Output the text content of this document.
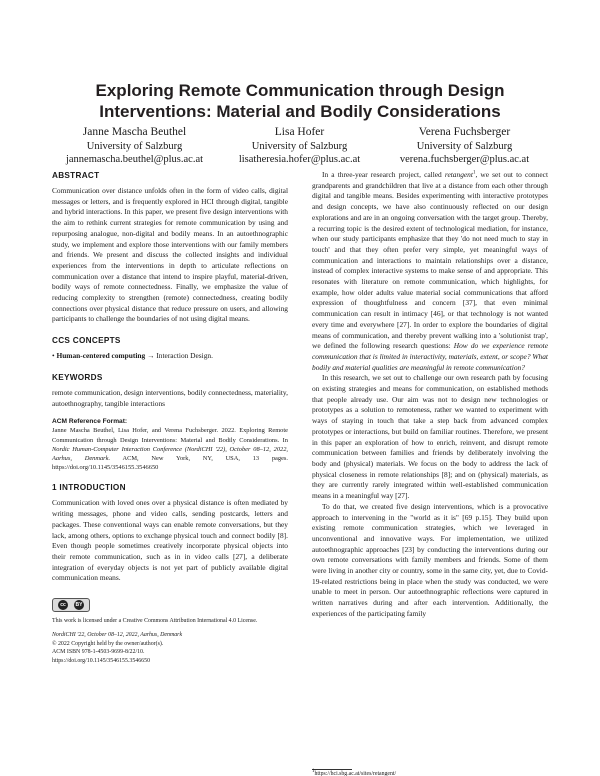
Exploring Remote Communication through Design
Interventions: Material and Bodily Considerations
Janne Mascha Beuthel
University of Salzburg
jannemascha.beuthel@plus.ac.at
Lisa Hofer
University of Salzburg
lisatheresia.hofer@plus.ac.at
Verena Fuchsberger
University of Salzburg
verena.fuchsberger@plus.ac.at
ABSTRACT
Communication over distance unfolds often in the form of video calls, digital messages or letters, and is frequently explored in HCI through digital, tangible and hybrid interactions. In this paper, we present five design interventions with the aim to rethink current strategies for remote communication by using and repurposing analogue, non-digital and bodily means. In an autoethnographic study, we implement and explore those interventions with our family members and friends. We present and discuss the collected insights and individual experiences from the interventions in depth to articulate reflections on communication over a distance that intend to inspire playful, material-driven, bodily ways of remote connectedness. Finally, we emphasize the value of reducing complexity to strengthen (remote) connectedness, creating bodily connections over physical distance that reduce pressure on users, and allowing participants to challenge the boundaries of not using digital means.
CCS CONCEPTS
• Human-centered computing → Interaction Design.
KEYWORDS
remote communication, design interventions, bodily connectedness, materiality, autoethnography, tangible interactions
ACM Reference Format:
Janne Mascha Beuthel, Lisa Hofer, and Verena Fuchsberger. 2022. Exploring Remote Communication through Design Interventions: Material and Bodily Considerations. In Nordic Human-Computer Interaction Conference (NordiCHI '22), October 08–12, 2022, Aarhus, Denmark. ACM, New York, NY, USA, 13 pages. https://doi.org/10.1145/3546155.3546650
1 INTRODUCTION
Communication with loved ones over a physical distance is often mediated by writing messages, phone and video calls, sending postcards, letters and packages. These conventional ways can enable remote conversations, but they lack, among others, options to exchange physical touch and connect bodily [8]. Even though people sometimes creatively incorporate physical objects into their remote communication, such as in in video calls [27], a deliberate integration of everyday objects is not yet part of publicly available digital communication means.
cc	BY
This work is licensed under a Creative Commons Attribution International 4.0 License.
NordiCHI '22, October 08–12, 2022, Aarhus, Denmark
© 2022 Copyright held by the owner/author(s).
ACM ISBN 978-1-4503-9699-8/22/10.
https://doi.org/10.1145/3546155.3546650
In a three-year research project, called retangent$^1$, we set out to connect grandparents and grandchildren that live at a distance from each other through digital and tangible means. Besides experimenting with interactive prototypes and design concepts, we have also continuously reflected on our design explorations and are in an ongoing conversation with the target group. Thereby, a recurring topic is the desired extent of technological mediation, for instance, when our study participants emphasize that they 'do not need much to stay in touch' and that they often prefer very simple, yet meaningful ways of communication and interactions to maintain relationships over a distance, instead of complex interactive systems to make sense of and appropriate. This resonates with literature on remote communication, which highlights, for example, how older adults value material social communications that afford expression of thoughtfulness and concern [37], that even minimal communication can result in intimacy [46], or that technology is not wanted every time and everywhere [27]. In order to explore the boundaries of digital means of communication, and thereby prevent walking into a 'solutionist trap', we defined the following research questions: How do we experience remote communication that is limited in interactivity, materials, extent, or scope? What bodily and material qualities are meaningful in remote communication?
In this research, we set out to challenge our own research path by focusing on existing strategies and means for communication, on established methods that people already use. Our aim was not to design new technologies or prototypes as a solution to remoteness, rather we wanted to experiment with ways of staying in touch that take a step back from advanced complex prototypes or interactions, but build on familiar routines. Therefore, we present in this paper an exploration of how to enrich, reinvent, and disrupt remote communication between families and friends by deliberately involving the body and (physical) materials. We focus on the body to address the lack of physical closeness in remote relationships [8]; and on (physical) materials, as they are currently rarely integrated within well-established communication means in a meaningful way [27].
To do that, we created five design interventions, which is a provocative approach to intervening in the "world as it is" [69 p.15]. They build upon existing remote communication strategies, which we leveraged in unconventional and innovative ways. For implementation, we utilized autoethnographic approaches [23] by conducting the interventions during our own remote conversations with family members and friends. Some of them were living in another city or country, some in the same city, yet, due to Covid-19-related restrictions being in place when the study was conducted, we were unable to meet in person. Our autoethnographic reflections were captured in written narratives during and after each intervention. Additionally, the experiences of the participating family
$^1$https://hci.sbg.ac.at/sites/retangent/
